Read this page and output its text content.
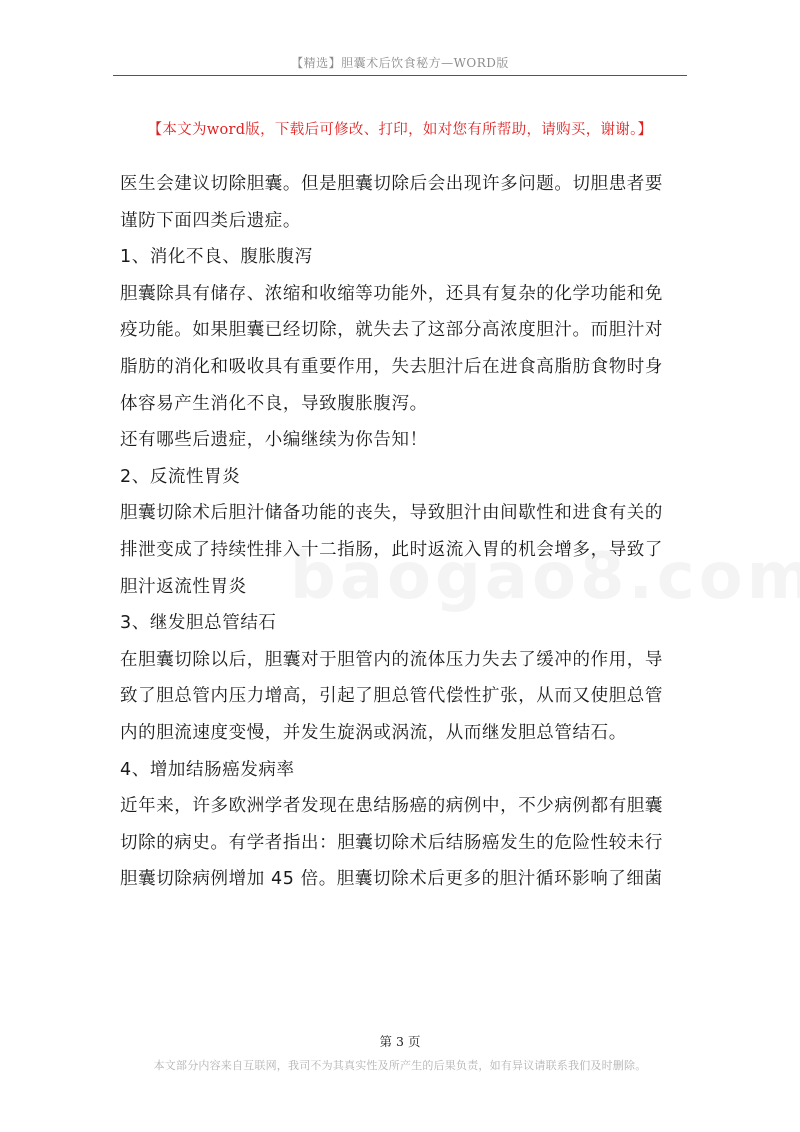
【精选】胆囊术后饮食秘方—WORD版
【本文为word版，下载后可修改、打印，如对您有所帮助，请购买，谢谢。】

医生会建议切除胆囊。但是胆囊切除后会出现许多问题。切胆患者要

谨防下面四类后遗症。

1、消化不良、腹胀腹泻

胆囊除具有储存、浓缩和收缩等功能外，还具有复杂的化学功能和免

疫功能。如果胆囊已经切除，就失去了这部分高浓度胆汁。而胆汁对

脂肪的消化和吸收具有重要作用，失去胆汁后在进食高脂肪食物时身

体容易产生消化不良，导致腹胀腹泻。

还有哪些后遗症，小编继续为你告知！

2、反流性胃炎

胆囊切除术后胆汁储备功能的丧失，导致胆汁由间歇性和进食有关的

排泄变成了持续性排入十二指肠，此时返流入胃的机会增多，导致了

胆汁返流性胃炎

3、继发胆总管结石

在胆囊切除以后，胆囊对于胆管内的流体压力失去了缓冲的作用，导

致了胆总管内压力增高，引起了胆总管代偿性扩张，从而又使胆总管

内的胆流速度变慢，并发生旋涡或涡流，从而继发胆总管结石。

4、增加结肠癌发病率

近年来，许多欧洲学者发现在患结肠癌的病例中，不少病例都有胆囊

切除的病史。有学者指出：胆囊切除术后结肠癌发生的危险性较未行

胆囊切除病例增加 45 倍。胆囊切除术后更多的胆汁循环影响了细菌

第 3 页
本文部分内容来自互联网，我司不为其真实性及所产生的后果负责，如有异议请联系我们及时删除。
